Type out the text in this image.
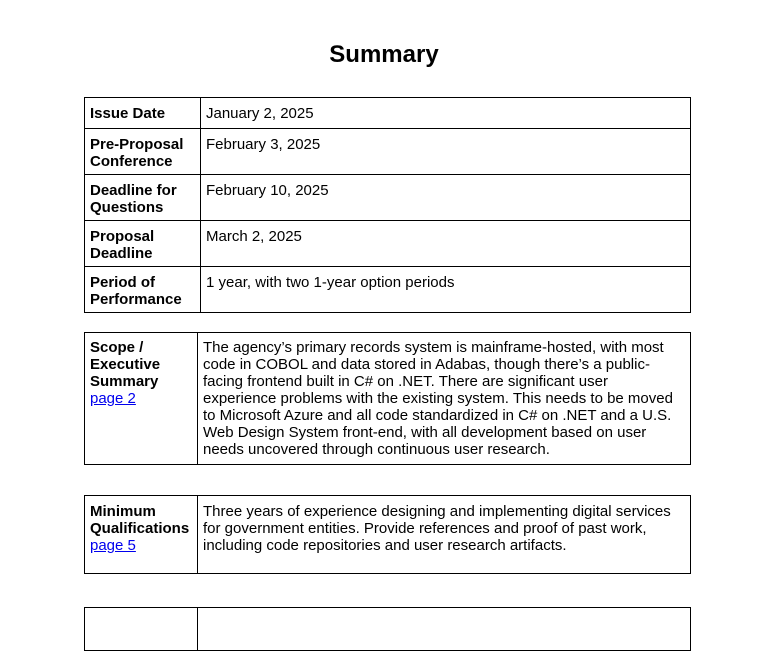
Summary
Issue Date	January 2, 2025
Pre-Proposal Conference	February 3, 2025
Deadline for Questions	February 10, 2025
Proposal Deadline	March 2, 2025
Period of Performance	1 year, with two 1-year option periods
Scope / Executive Summary
page 2	The agency’s primary records system is mainframe-hosted, with most code in COBOL and data stored in Adabas, though there’s a public-facing frontend built in C# on .NET. There are significant user experience problems with the existing system. This needs to be moved to Microsoft Azure and all code standardized in C# on .NET and a U.S. Web Design System front-end, with all development based on user needs uncovered through continuous user research.
Minimum Qualifications
page 5	Three years of experience designing and implementing digital services for government entities. Provide references and proof of past work, including code repositories and user research artifacts.
